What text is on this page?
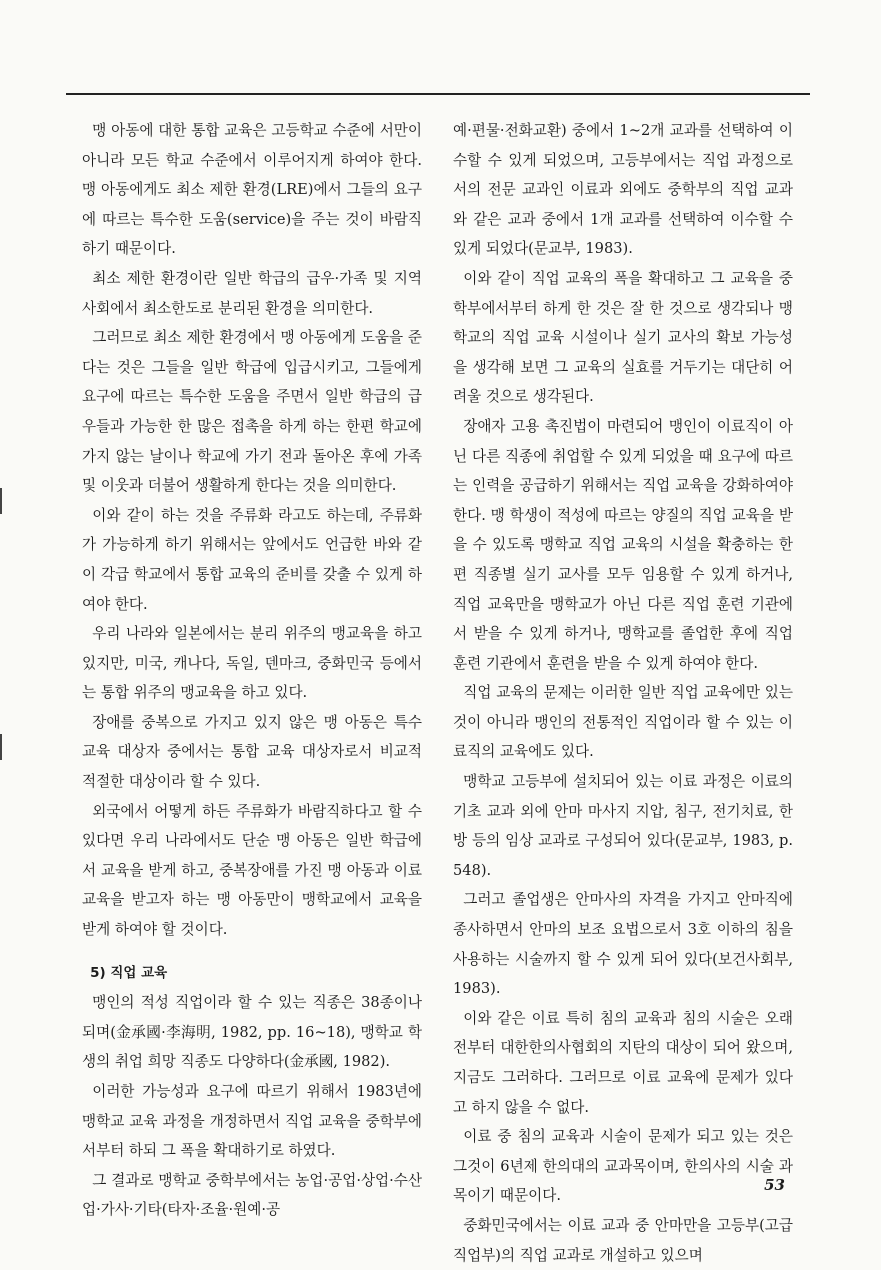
맹 아동에 대한 통합 교육은 고등학교 수준에 서만이 아니라 모든 학교 수준에서 이루어지게 하여야 한다. 맹 아동에게도 최소 제한 환경(LRE)에서 그들의 요구에 따르는 특수한 도움(service)을 주는 것이 바람직하기 때문이다.

최소 제한 환경이란 일반 학급의 급우·가족 및 지역 사회에서 최소한도로 분리된 환경을 의미한다.

그러므로 최소 제한 환경에서 맹 아동에게 도움을 준다는 것은 그들을 일반 학급에 입급시키고, 그들에게 요구에 따르는 특수한 도움을 주면서 일반 학급의 급우들과 가능한 한 많은 접촉을 하게 하는 한편 학교에 가지 않는 날이나 학교에 가기 전과 돌아온 후에 가족 및 이웃과 더불어 생활하게 한다는 것을 의미한다.

이와 같이 하는 것을 주류화 라고도 하는데, 주류화가 가능하게 하기 위해서는 앞에서도 언급한 바와 같이 각급 학교에서 통합 교육의 준비를 갖출 수 있게 하여야 한다.

우리 나라와 일본에서는 분리 위주의 맹교육을 하고 있지만, 미국, 캐나다, 독일, 덴마크, 중화민국 등에서는 통합 위주의 맹교육을 하고 있다.

장애를 중복으로 가지고 있지 않은 맹 아동은 특수 교육 대상자 중에서는 통합 교육 대상자로서 비교적 적절한 대상이라 할 수 있다.

외국에서 어떻게 하든 주류화가 바람직하다고 할 수 있다면 우리 나라에서도 단순 맹 아동은 일반 학급에서 교육을 받게 하고, 중복장애를 가진 맹 아동과 이료 교육을 받고자 하는 맹 아동만이 맹학교에서 교육을 받게 하여야 할 것이다.

5) 직업 교육

맹인의 적성 직업이라 할 수 있는 직종은 38종이나 되며(金承國·李海明, 1982, pp. 16~18), 맹학교 학생의 취업 희망 직종도 다양하다(金承國, 1982).

이러한 가능성과 요구에 따르기 위해서 1983년에 맹학교 교육 과정을 개정하면서 직업 교육을 중학부에서부터 하되 그 폭을 확대하기로 하였다.

그 결과로 맹학교 중학부에서는 농업·공업·상업·수산업·가사·기타(타자·조율·원예·공

예·편물·전화교환) 중에서 1~2개 교과를 선택하여 이수할 수 있게 되었으며, 고등부에서는 직업 과정으로서의 전문 교과인 이료과 외에도 중학부의 직업 교과와 같은 교과 중에서 1개 교과를 선택하여 이수할 수 있게 되었다(문교부, 1983).

이와 같이 직업 교육의 폭을 확대하고 그 교육을 중학부에서부터 하게 한 것은 잘 한 것으로 생각되나 맹학교의 직업 교육 시설이나 실기 교사의 확보 가능성을 생각해 보면 그 교육의 실효를 거두기는 대단히 어려울 것으로 생각된다.

장애자 고용 촉진법이 마련되어 맹인이 이료직이 아닌 다른 직종에 취업할 수 있게 되었을 때 요구에 따르는 인력을 공급하기 위해서는 직업 교육을 강화하여야 한다. 맹 학생이 적성에 따르는 양질의 직업 교육을 받을 수 있도록 맹학교 직업 교육의 시설을 확충하는 한편 직종별 실기 교사를 모두 임용할 수 있게 하거나, 직업 교육만을 맹학교가 아닌 다른 직업 훈련 기관에서 받을 수 있게 하거나, 맹학교를 졸업한 후에 직업 훈련 기관에서 훈련을 받을 수 있게 하여야 한다.

직업 교육의 문제는 이러한 일반 직업 교육에만 있는 것이 아니라 맹인의 전통적인 직업이라 할 수 있는 이료직의 교육에도 있다.

맹학교 고등부에 설치되어 있는 이료 과정은 이료의 기초 교과 외에 안마 마사지 지압, 침구, 전기치료, 한방 등의 임상 교과로 구성되어 있다(문교부, 1983, p. 548).

그러고 졸업생은 안마사의 자격을 가지고 안마직에 종사하면서 안마의 보조 요법으로서 3호 이하의 침을 사용하는 시술까지 할 수 있게 되어 있다(보건사회부, 1983).

이와 같은 이료 특히 침의 교육과 침의 시술은 오래전부터 대한한의사협회의 지탄의 대상이 되어 왔으며, 지금도 그러하다. 그러므로 이료 교육에 문제가 있다고 하지 않을 수 없다.

이료 중 침의 교육과 시술이 문제가 되고 있는 것은 그것이 6년제 한의대의 교과목이며, 한의사의 시술 과목이기 때문이다.

중화민국에서는 이료 교과 중 안마만을 고등부(고급직업부)의 직업 교과로 개설하고 있으며

53
